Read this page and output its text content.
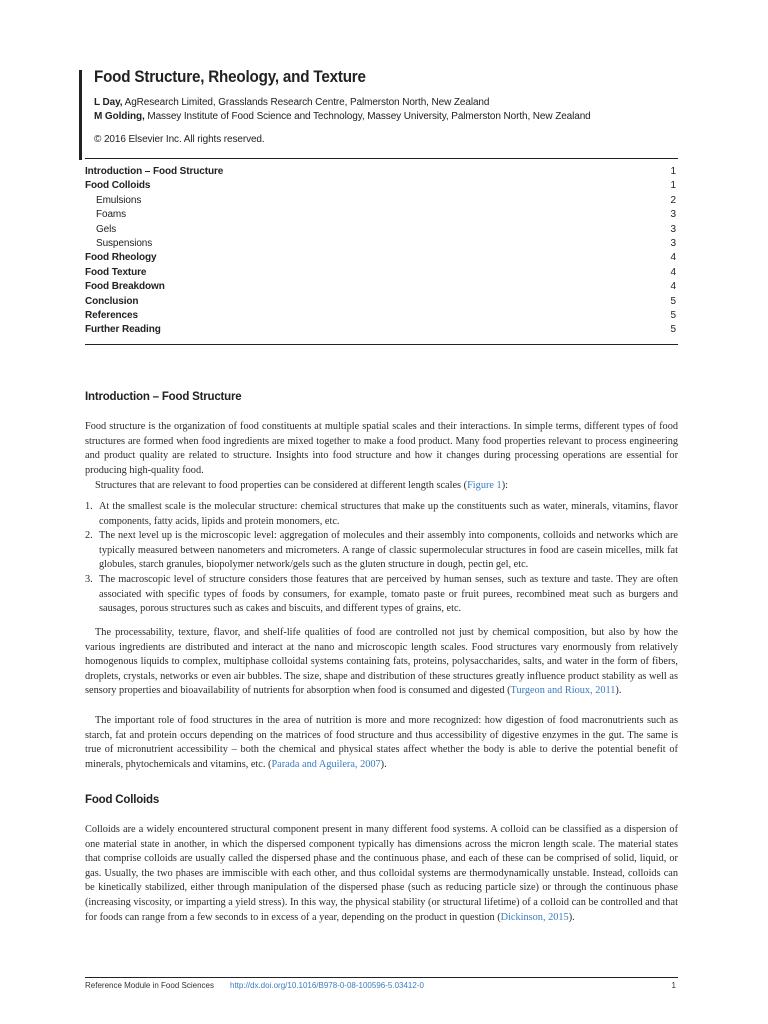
Food Structure, Rheology, and Texture
L Day, AgResearch Limited, Grasslands Research Centre, Palmerston North, New Zealand
M Golding, Massey Institute of Food Science and Technology, Massey University, Palmerston North, New Zealand
© 2016 Elsevier Inc. All rights reserved.
Introduction – Food Structure	1
Food Colloids	1
Emulsions	2
Foams	3
Gels	3
Suspensions	3
Food Rheology	4
Food Texture	4
Food Breakdown	4
Conclusion	5
References	5
Further Reading	5
Introduction – Food Structure

Food structure is the organization of food constituents at multiple spatial scales and their interactions. In simple terms, different types of food structures are formed when food ingredients are mixed together to make a food product. Many food properties relevant to process engineering and product quality are related to structure. Insights into food structure and how it changes during processing operations are essential for producing high-quality food.

Structures that are relevant to food properties can be considered at different length scales (Figure 1):

1. At the smallest scale is the molecular structure: chemical structures that make up the constituents such as water, minerals, vitamins, flavor components, fatty acids, lipids and protein monomers, etc.
2. The next level up is the microscopic level: aggregation of molecules and their assembly into components, colloids and networks which are typically measured between nanometers and micrometers. A range of classic supermolecular structures in food are casein micelles, milk fat globules, starch granules, biopolymer network/gels such as the gluten structure in dough, pectin gel, etc.
3. The macroscopic level of structure considers those features that are perceived by human senses, such as texture and taste. They are often associated with specific types of foods by consumers, for example, tomato paste or fruit purees, recombined meat such as burgers and sausages, porous structures such as cakes and biscuits, and different types of grains, etc.

The processability, texture, flavor, and shelf-life qualities of food are controlled not just by chemical composition, but also by how the various ingredients are distributed and interact at the nano and microscopic length scales. Food structures vary enormously from relatively homogenous liquids to complex, multiphase colloidal systems containing fats, proteins, polysaccharides, salts, and water in the form of fibers, droplets, crystals, networks or even air bubbles. The size, shape and distribution of these structures greatly influence product stability as well as sensory properties and bioavailability of nutrients for absorption when food is consumed and digested (Turgeon and Rioux, 2011).

The important role of food structures in the area of nutrition is more and more recognized: how digestion of food macronutrients such as starch, fat and protein occurs depending on the matrices of food structure and thus accessibility of digestive enzymes in the gut. The same is true of micronutrient accessibility – both the chemical and physical states affect whether the body is able to derive the potential benefit of minerals, phytochemicals and vitamins, etc. (Parada and Aguilera, 2007).

Food Colloids

Colloids are a widely encountered structural component present in many different food systems. A colloid can be classified as a dispersion of one material state in another, in which the dispersed component typically has dimensions across the micron length scale. The material states that comprise colloids are usually called the dispersed phase and the continuous phase, and each of these can be comprised of solid, liquid, or gas. Usually, the two phases are immiscible with each other, and thus colloidal systems are thermodynamically unstable. Instead, colloids can be kinetically stabilized, either through manipulation of the dispersed phase (such as reducing particle size) or through the continuous phase (increasing viscosity, or imparting a yield stress). In this way, the physical stability (or structural lifetime) of a colloid can be controlled and that for foods can range from a few seconds to in excess of a year, depending on the product in question (Dickinson, 2015).

Reference Module in Food Sciences http://dx.doi.org/10.1016/B978-0-08-100596-5.03412-0	1
